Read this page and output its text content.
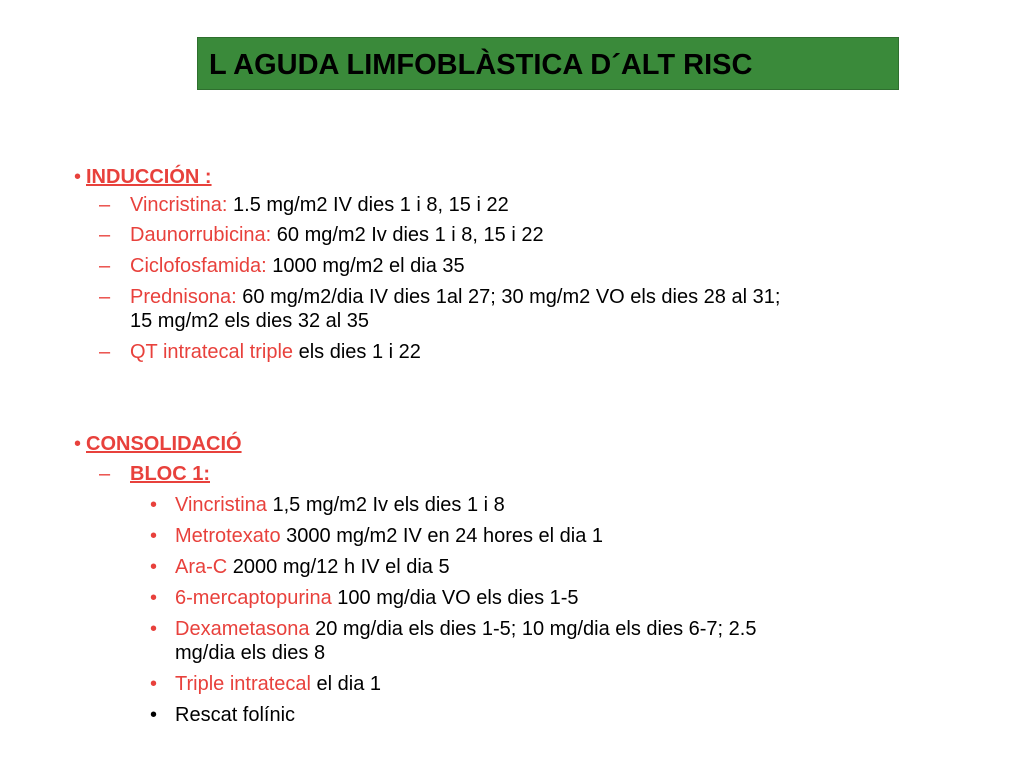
L AGUDA LIMFOBLÀSTICA D´ALT RISC
• INDUCCIÓN :
– Vincristina: 1.5 mg/m2 IV dies 1 i 8, 15 i 22
– Daunorrubicina: 60 mg/m2 Iv dies 1 i 8, 15 i 22
– Ciclofosfamida: 1000 mg/m2 el dia 35
– Prednisona: 60 mg/m2/dia IV dies 1al 27; 30 mg/m2 VO els dies 28 al 31;
15 mg/m2 els dies 32 al 35
– QT intratecal triple els dies 1 i 22
• CONSOLIDACIÓ
– BLOC 1:
• Vincristina 1,5 mg/m2 Iv els dies 1 i 8
• Metrotexato 3000 mg/m2 IV en 24 hores el dia 1
• Ara-C 2000 mg/12 h IV el dia 5
• 6-mercaptopurina 100 mg/dia VO els dies 1-5
• Dexametasona 20 mg/dia els dies 1-5; 10 mg/dia els dies 6-7; 2.5
mg/dia els dies 8
• Triple intratecal el dia 1
• Rescat folínic
